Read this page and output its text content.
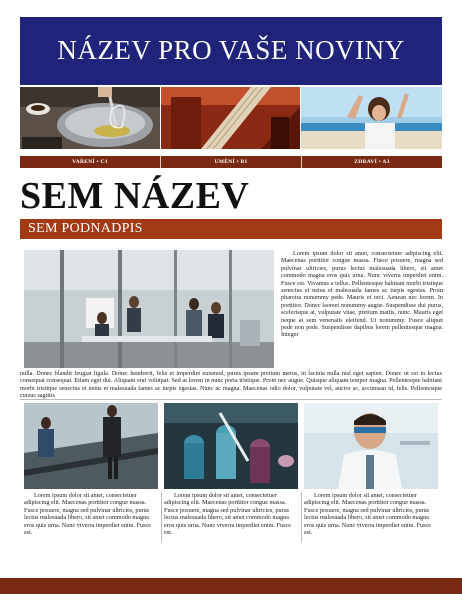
NÁZEV PRO VAŠE NOVINY
VAŘENÍ • C1	UMĚNÍ • B1	ZDRAVÍ • A3
SEM NÁZEV
SEM PODNADPIS
Lorem ipsum dolor sit amet, consectetuer adipiscing elit. Maecenas porttitor congue massa. Fusce posuere, magna sed pulvinar ultricies, purus lectus malesuada libero, sit amet commodo magna eros quis urna. Nunc viverra imperdiet enim. Fusce est. Vivamus a tellus. Pellentesque habitant morbi tristique senectus et netus et malesuada fames ac turpis egestas. Proin pharetra nonummy pede. Mauris et orci. Aenean nec lorem. In porttitor. Donec laoreet nonummy augue. Suspendisse dui purus, scelerisque at, vulputate vitae, pretium mattis, nunc. Mauris eget neque at sem venenatis eleifend. Ut nonummy. Fusce aliquet pede non pede. Suspendisse dapibus lorem pellentesque magna. Integer
nulla. Donec blandit feugiat ligula. Donec hendrerit, felis et imperdiet euismod, purus ipsum pretium metus, in lacinia nulla nisl eget sapien. Donec ut est in lectus consequat consequat. Etiam eget dui. Aliquam erat volutpat. Sed at lorem in nunc porta tristique. Proin nec augue. Quisque aliquam tempor magna. Pellentesque habitant morbi tristique senectus et netus et malesuada fames ac turpis egestas. Nunc ac magna. Maecenas odio dolor, vulputate vel, auctor ac, accumsan id, felis. Pellentesque cursus sagittis
Lorem ipsum dolor sit amet, consectetuer adipiscing elit. Maecenas porttitor congue massa. Fusce posuere, magna sed pulvinar ultricies, purus lectus malesuada libero, sit amet commodo magna eros quis urna. Nunc viverra imperdiet enim. Fusce est.
Lorem ipsum dolor sit amet, consectetuer adipiscing elit. Maecenas porttitor congue massa. Fusce posuere, magna sed pulvinar ultricies, purus lectus malesuada libero, sit amet commodo magna eros quis urna. Nunc viverra imperdiet enim. Fusce est.
Lorem ipsum dolor sit amet, consectetuer adipiscing elit. Maecenas porttitor congue massa. Fusce posuere, magna sed pulvinar ultricies, purus lectus malesuada libero, sit amet commodo magna eros quis urna. Nunc viverra imperdiet enim. Fusce est.
1
